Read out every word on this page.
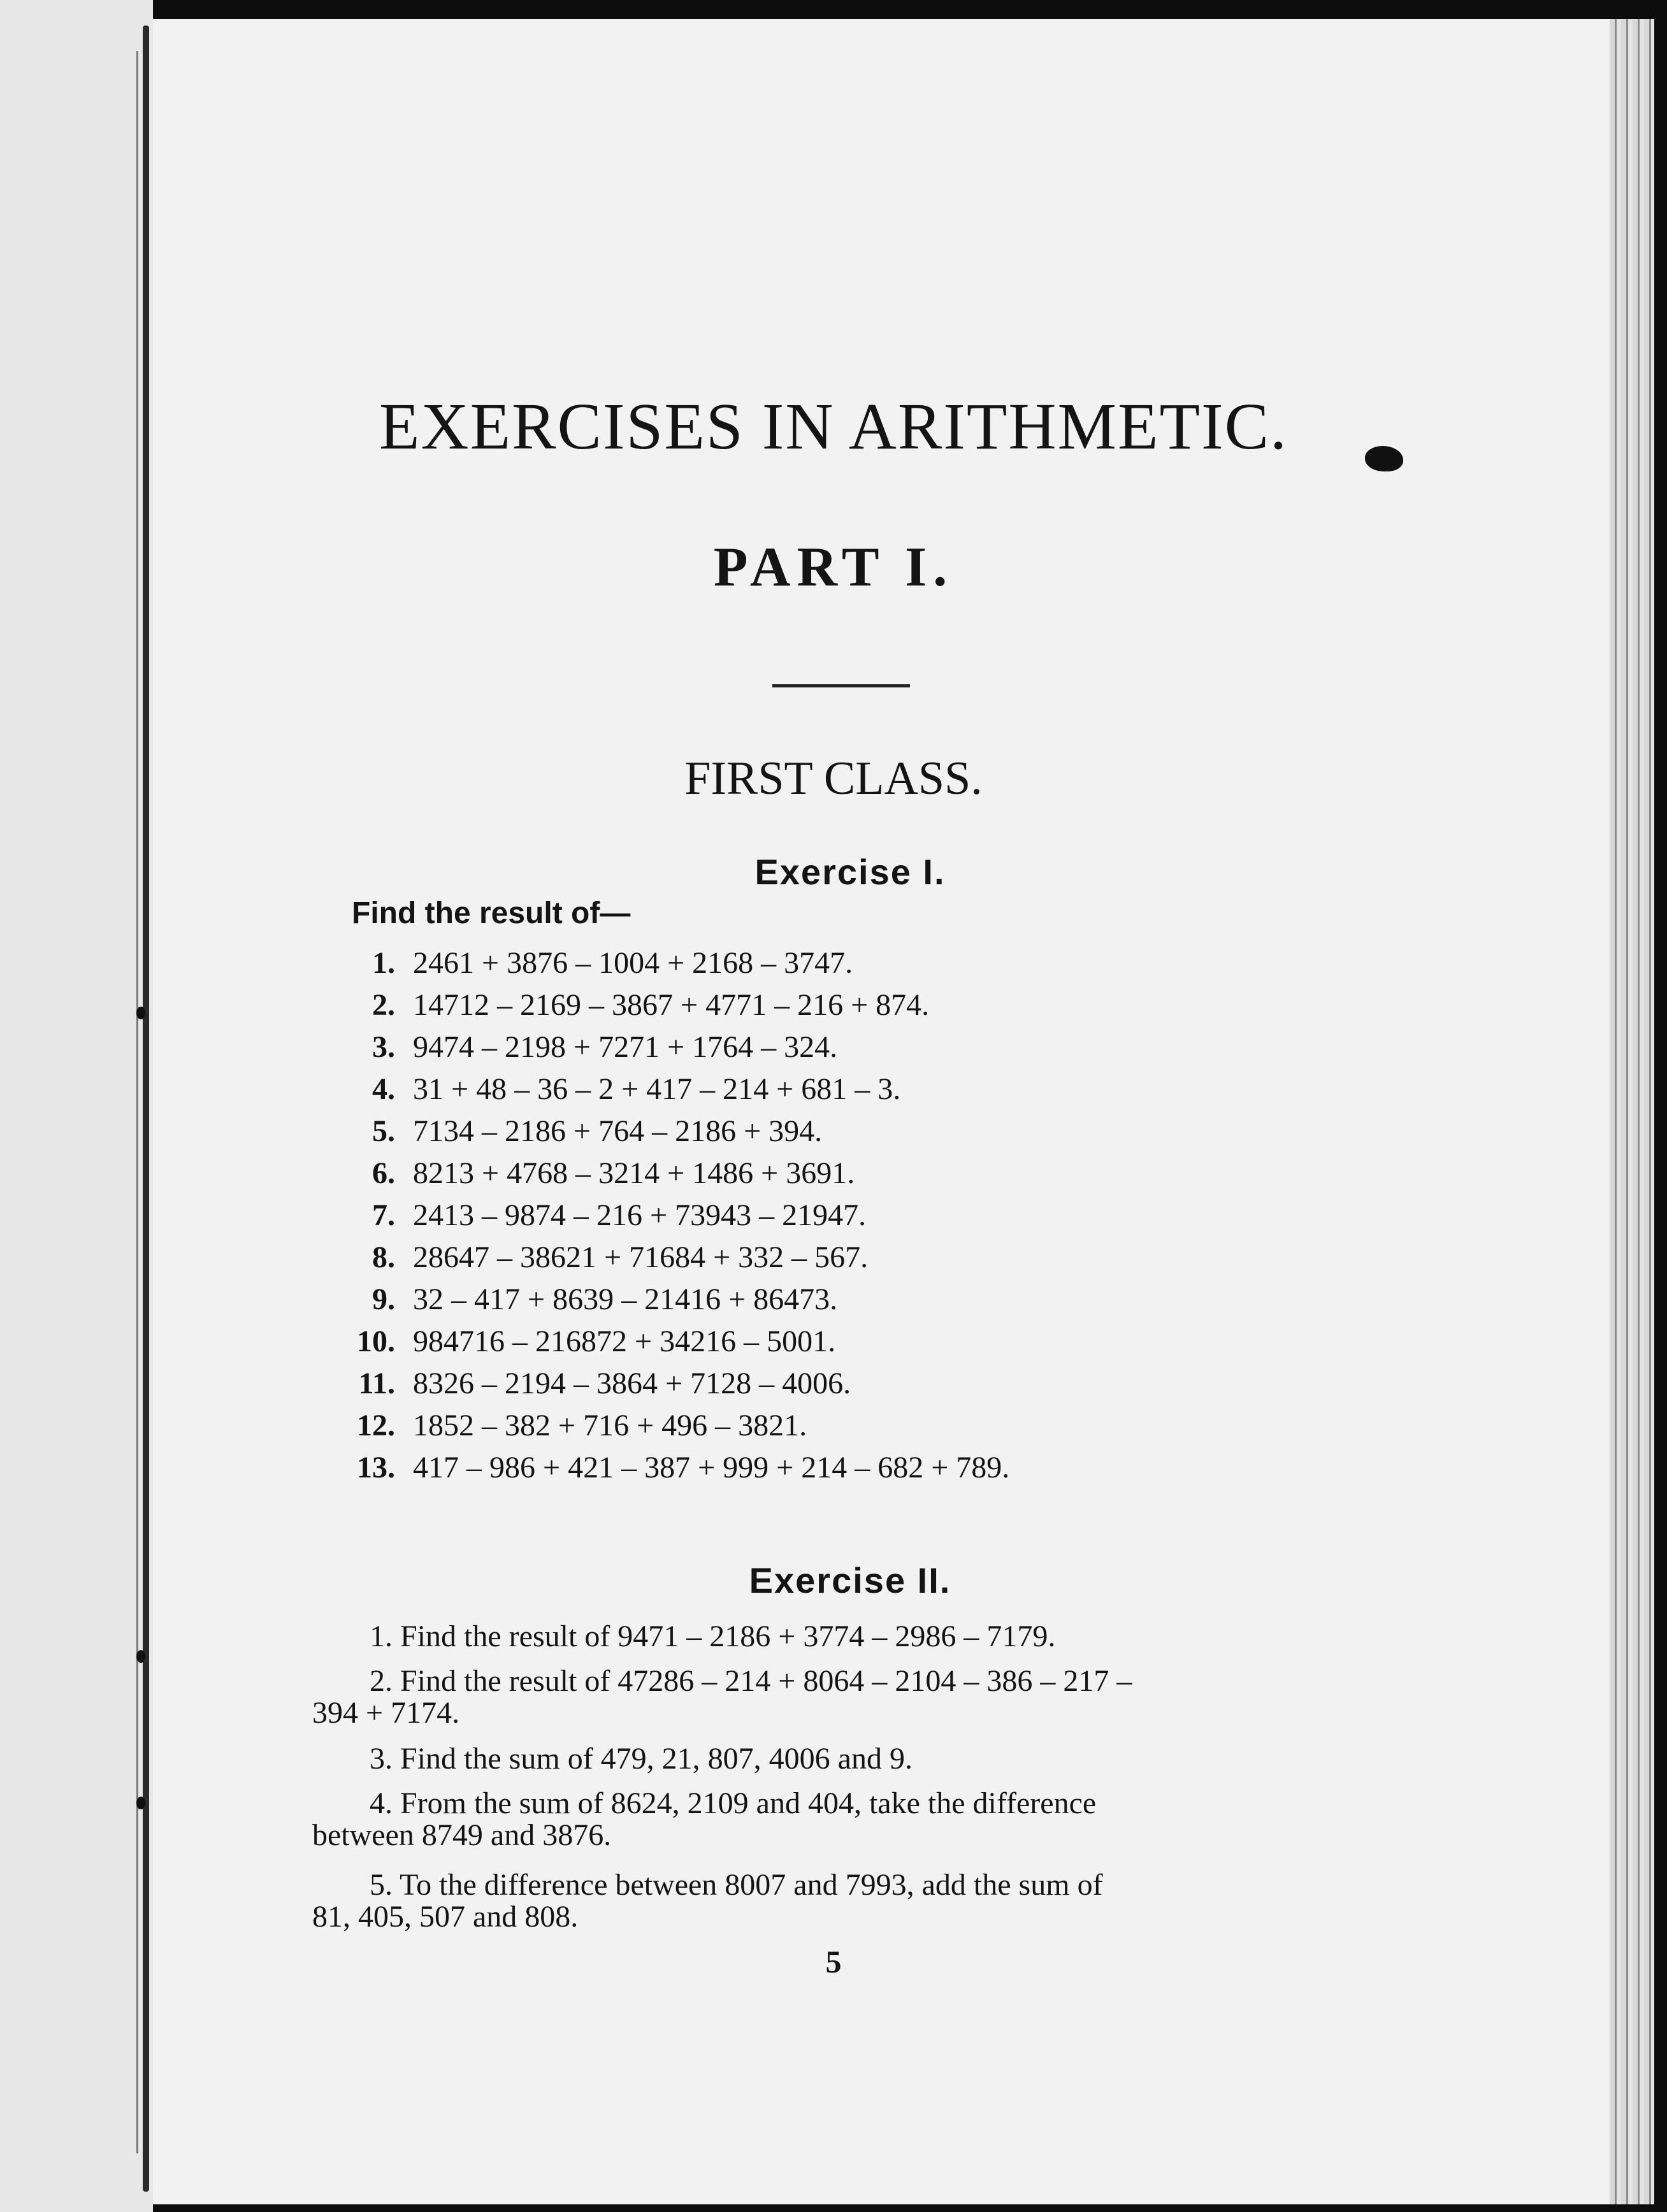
EXERCISES IN ARITHMETIC.
PART I.
FIRST CLASS.
Exercise I.
Find the result of—
1. 2461 + 3876 – 1004 + 2168 – 3747.
2. 14712 – 2169 – 3867 + 4771 – 216 + 874.
3. 9474 – 2198 + 7271 + 1764 – 324.
4. 31 + 48 – 36 – 2 + 417 – 214 + 681 – 3.
5. 7134 – 2186 + 764 – 2186 + 394.
6. 8213 + 4768 – 3214 + 1486 + 3691.
7. 2413 – 9874 – 216 + 73943 – 21947.
8. 28647 – 38621 + 71684 + 332 – 567.
9. 32 – 417 + 8639 – 21416 + 86473.
10. 984716 – 216872 + 34216 – 5001.
11. 8326 – 2194 – 3864 + 7128 – 4006.
12. 1852 – 382 + 716 + 496 – 3821.
13. 417 – 986 + 421 – 387 + 999 + 214 – 682 + 789.
Exercise II.
1. Find the result of 9471 – 2186 + 3774 – 2986 – 7179.
2. Find the result of 47286 – 214 + 8064 – 2104 – 386 – 217 –
394 + 7174.
3. Find the sum of 479, 21, 807, 4006 and 9.
4. From the sum of 8624, 2109 and 404, take the difference
between 8749 and 3876.
5. To the difference between 8007 and 7993, add the sum of
81, 405, 507 and 808.
5
